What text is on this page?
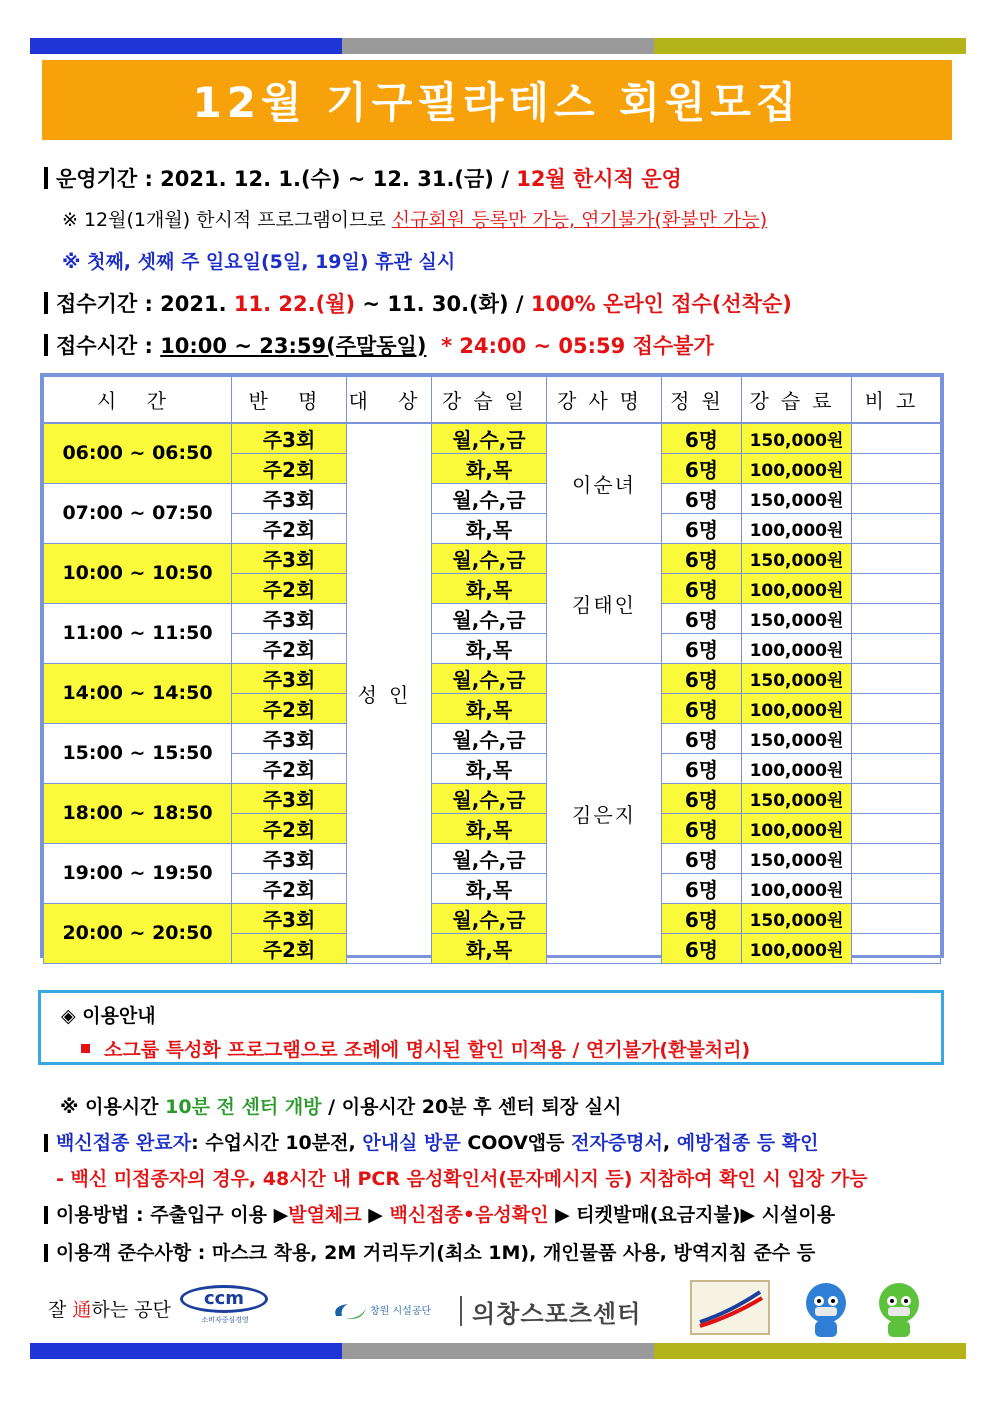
12월 기구필라테스 회원모집
운영기간 : 2021. 12. 1.(수) ~ 12. 31.(금) / 12월 한시적 운영
※ 12월(1개월) 한시적 프로그램이므로 신규회원 등록만 가능, 연기불가(환불만 가능)
※ 첫째, 셋째 주 일요일(5일, 19일) 휴관 실시
접수기간 : 2021. 11. 22.(월) ~ 11. 30.(화) / 100% 온라인 접수(선착순)
접수시간 : 10:00 ~ 23:59(주말동일) * 24:00 ~ 05:59 접수불가
시 간	반 명	대 상	강습일	강사명	정원	강습료	비고
06:00 ~ 06:50	주3회	성인	월,수,금	이순녀	6명	150,000원	
	주2회		화,목		6명	100,000원	
07:00 ~ 07:50	주3회		월,수,금		6명	150,000원	
	주2회		화,목		6명	100,000원	
10:00 ~ 10:50	주3회		월,수,금	김태인	6명	150,000원	
	주2회		화,목		6명	100,000원	
11:00 ~ 11:50	주3회		월,수,금		6명	150,000원	
	주2회		화,목		6명	100,000원	
14:00 ~ 14:50	주3회		월,수,금	김은지	6명	150,000원	
	주2회		화,목		6명	100,000원	
15:00 ~ 15:50	주3회		월,수,금		6명	150,000원	
	주2회		화,목		6명	100,000원	
18:00 ~ 18:50	주3회		월,수,금		6명	150,000원	
	주2회		화,목		6명	100,000원	
19:00 ~ 19:50	주3회		월,수,금		6명	150,000원	
	주2회		화,목		6명	100,000원	
20:00 ~ 20:50	주3회		월,수,금		6명	150,000원	
	주2회		화,목		6명	100,000원	
◈ 이용안내
소그룹 특성화 프로그램으로 조례에 명시된 할인 미적용 / 연기불가(환불처리)
※ 이용시간 10분 전 센터 개방 / 이용시간 20분 후 센터 퇴장 실시
백신접종 완료자: 수업시간 10분전, 안내실 방문 COOV앱등 전자증명서, 예방접종 등 확인
- 백신 미접종자의 경우, 48시간 내 PCR 음성확인서(문자메시지 등) 지참하여 확인 시 입장 가능
이용방법 : 주출입구 이용 ▶발열체크 ▶ 백신접종•음성확인 ▶ 티켓발매(요금지불)▶ 시설이용
이용객 준수사항 : 마스크 착용, 2M 거리두기(최소 1M), 개인물품 사용, 방역지침 준수 등
잘 通하는 공단
ccm
소비자중심경영
창원 시설공단	의창스포츠센터
